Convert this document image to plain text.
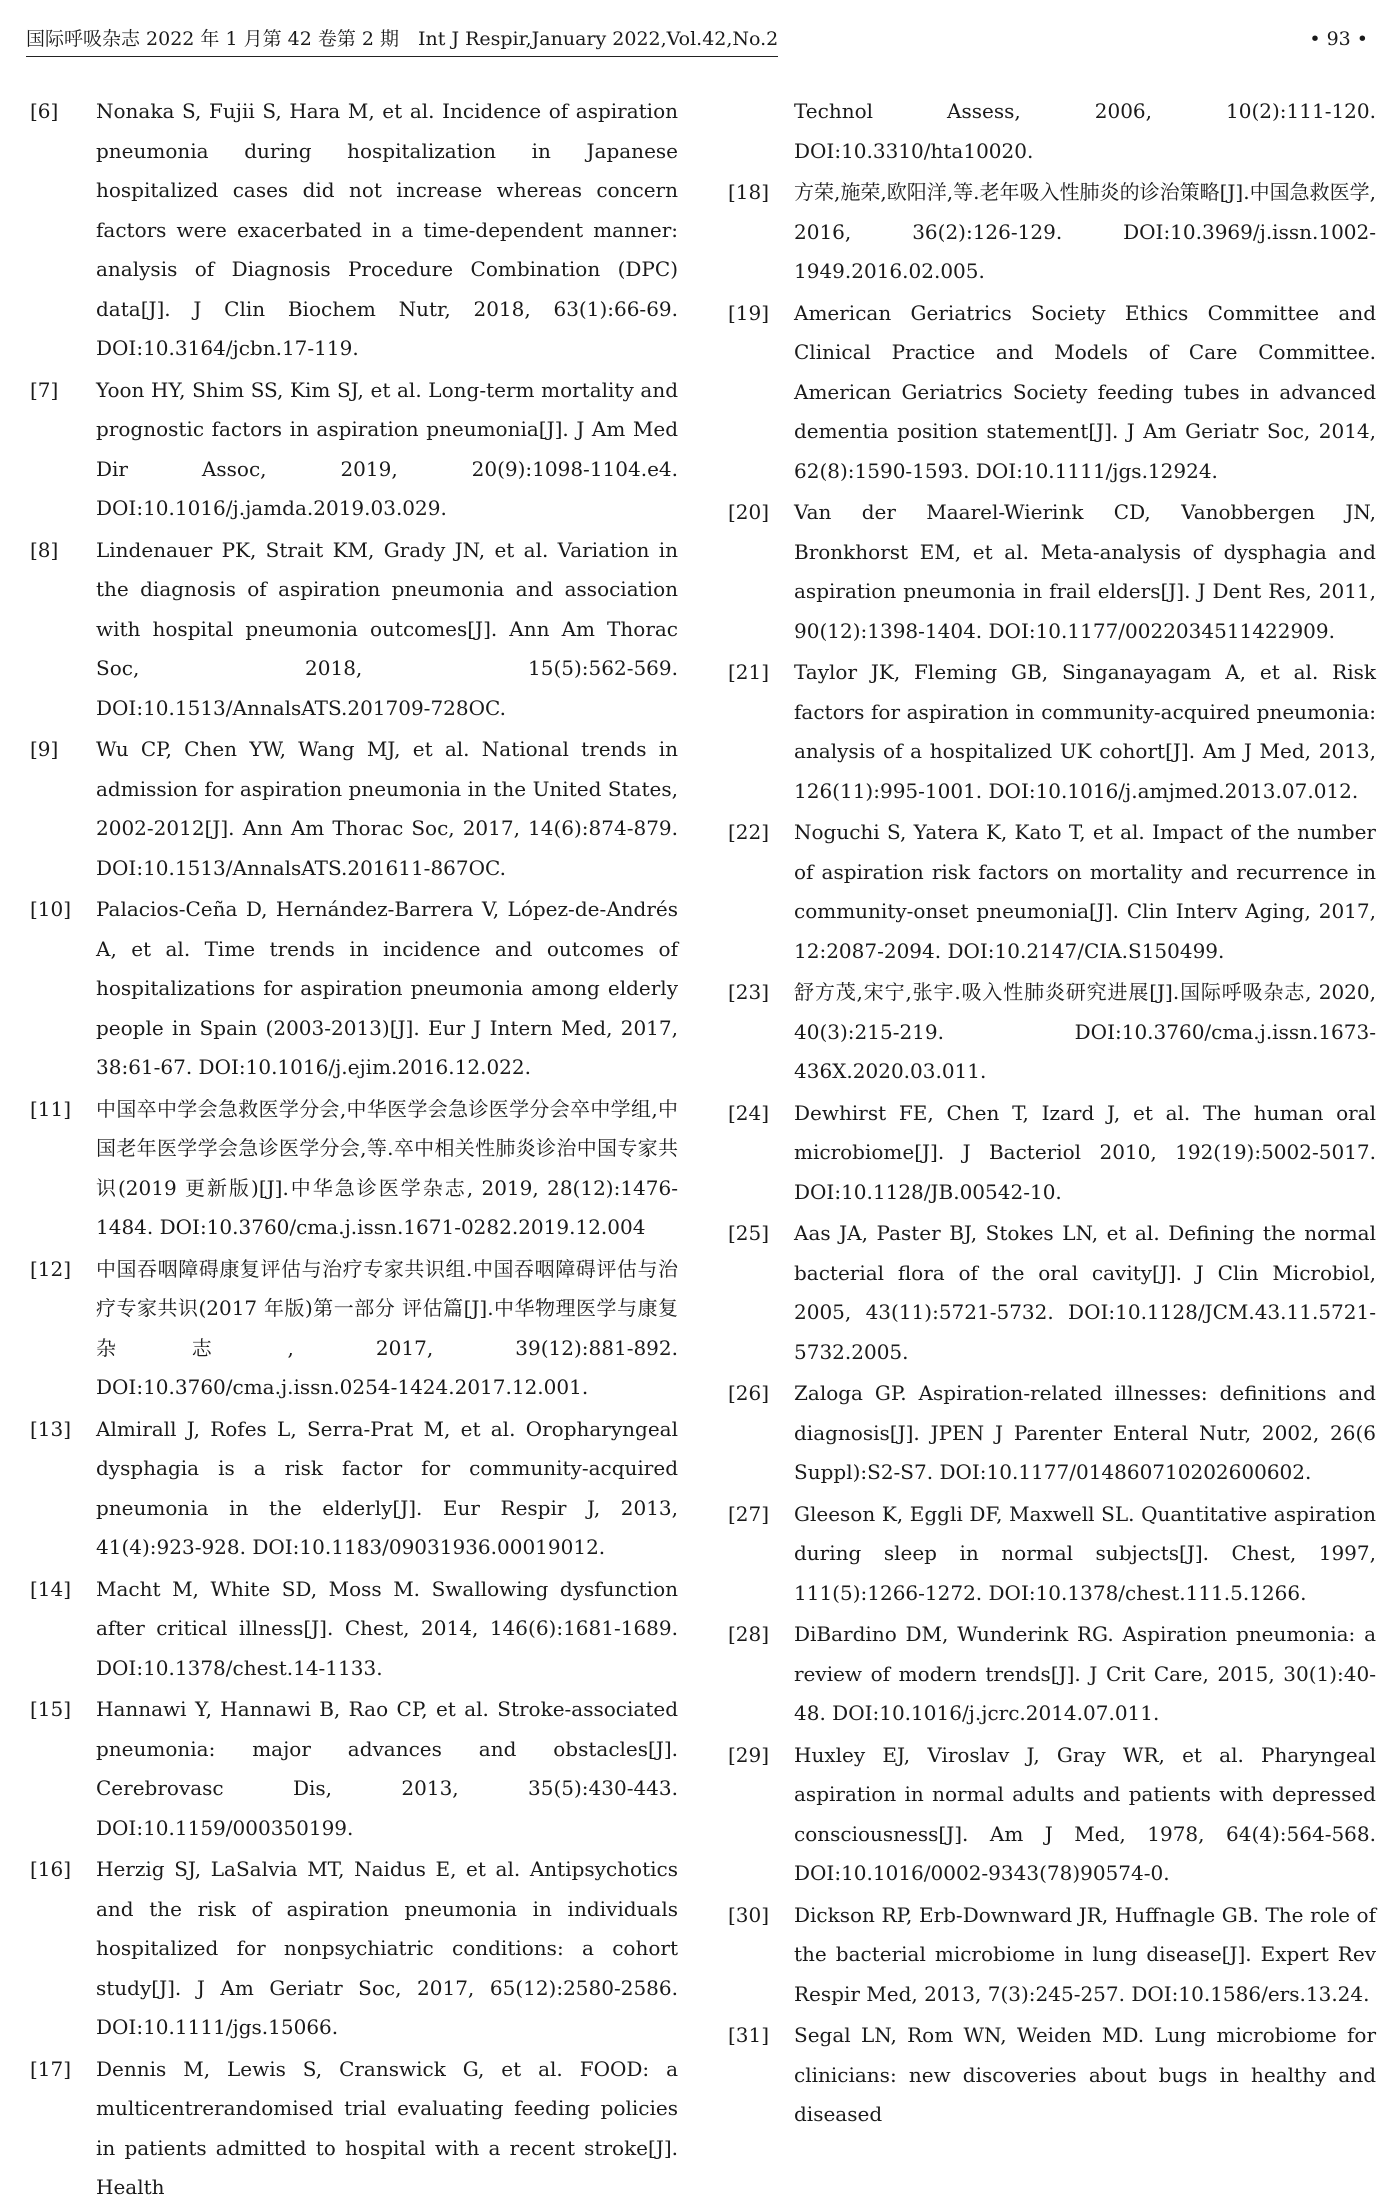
国际呼吸杂志 2022 年 1 月第 42 卷第 2 期　Int J Respir,January 2022,Vol.42,No.2	• 93 •
[6]	Nonaka S, Fujii S, Hara M, et al. Incidence of aspiration pneumonia during hospitalization in Japanese hospitalized cases did not increase whereas concern factors were exacerbated in a time-dependent manner: analysis of Diagnosis Procedure Combination (DPC) data[J]. J Clin Biochem Nutr, 2018, 63(1):66-69. DOI:10.3164/jcbn.17-119.
[7]	Yoon HY, Shim SS, Kim SJ, et al. Long-term mortality and prognostic factors in aspiration pneumonia[J]. J Am Med Dir Assoc, 2019, 20(9):1098-1104.e4. DOI:10.1016/j.jamda.2019.03.029.
[8]	Lindenauer PK, Strait KM, Grady JN, et al. Variation in the diagnosis of aspiration pneumonia and association with hospital pneumonia outcomes[J]. Ann Am Thorac Soc, 2018, 15(5):562-569. DOI:10.1513/AnnalsATS.201709-728OC.
[9]	Wu CP, Chen YW, Wang MJ, et al. National trends in admission for aspiration pneumonia in the United States, 2002-2012[J]. Ann Am Thorac Soc, 2017, 14(6):874-879. DOI:10.1513/AnnalsATS.201611-867OC.
[10]	Palacios-Ceña D, Hernández-Barrera V, López-de-Andrés A, et al. Time trends in incidence and outcomes of hospitalizations for aspiration pneumonia among elderly people in Spain (2003-2013)[J]. Eur J Intern Med, 2017, 38:61-67. DOI:10.1016/j.ejim.2016.12.022.
[11]	中国卒中学会急救医学分会,中华医学会急诊医学分会卒中学组,中国老年医学学会急诊医学分会,等.卒中相关性肺炎诊治中国专家共识(2019 更新版)[J].中华急诊医学杂志, 2019, 28(12):1476-1484. DOI:10.3760/cma.j.issn.1671-0282.2019.12.004
[12]	中国吞咽障碍康复评估与治疗专家共识组.中国吞咽障碍评估与治疗专家共识(2017 年版)第一部分 评估篇[J].中华物理医学与康复杂志, 2017, 39(12):881-892. DOI:10.3760/cma.j.issn.0254-1424.2017.12.001.
[13]	Almirall J, Rofes L, Serra-Prat M, et al. Oropharyngeal dysphagia is a risk factor for community-acquired pneumonia in the elderly[J]. Eur Respir J, 2013, 41(4):923-928. DOI:10.1183/09031936.00019012.
[14]	Macht M, White SD, Moss M. Swallowing dysfunction after critical illness[J]. Chest, 2014, 146(6):1681-1689. DOI:10.1378/chest.14-1133.
[15]	Hannawi Y, Hannawi B, Rao CP, et al. Stroke-associated pneumonia: major advances and obstacles[J]. Cerebrovasc Dis, 2013, 35(5):430-443. DOI:10.1159/000350199.
[16]	Herzig SJ, LaSalvia MT, Naidus E, et al. Antipsychotics and the risk of aspiration pneumonia in individuals hospitalized for nonpsychiatric conditions: a cohort study[J]. J Am Geriatr Soc, 2017, 65(12):2580-2586. DOI:10.1111/jgs.15066.
[17]	Dennis M, Lewis S, Cranswick G, et al. FOOD: a multicentrerandomised trial evaluating feeding policies in patients admitted to hospital with a recent stroke[J]. Health
Technol Assess, 2006, 10(2):111-120. DOI:10.3310/hta10020.
[18]	方荣,施荣,欧阳洋,等.老年吸入性肺炎的诊治策略[J].中国急救医学, 2016, 36(2):126-129. DOI:10.3969/j.issn.1002-1949.2016.02.005.
[19]	American Geriatrics Society Ethics Committee and Clinical Practice and Models of Care Committee. American Geriatrics Society feeding tubes in advanced dementia position statement[J]. J Am Geriatr Soc, 2014, 62(8):1590-1593. DOI:10.1111/jgs.12924.
[20]	Van der Maarel-Wierink CD, Vanobbergen JN, Bronkhorst EM, et al. Meta-analysis of dysphagia and aspiration pneumonia in frail elders[J]. J Dent Res, 2011, 90(12):1398-1404. DOI:10.1177/0022034511422909.
[21]	Taylor JK, Fleming GB, Singanayagam A, et al. Risk factors for aspiration in community-acquired pneumonia: analysis of a hospitalized UK cohort[J]. Am J Med, 2013, 126(11):995-1001. DOI:10.1016/j.amjmed.2013.07.012.
[22]	Noguchi S, Yatera K, Kato T, et al. Impact of the number of aspiration risk factors on mortality and recurrence in community-onset pneumonia[J]. Clin Interv Aging, 2017, 12:2087-2094. DOI:10.2147/CIA.S150499.
[23]	舒方茂,宋宁,张宇.吸入性肺炎研究进展[J].国际呼吸杂志, 2020, 40(3):215-219. DOI:10.3760/cma.j.issn.1673-436X.2020.03.011.
[24]	Dewhirst FE, Chen T, Izard J, et al. The human oral microbiome[J]. J Bacteriol 2010, 192(19):5002-5017. DOI:10.1128/JB.00542-10.
[25]	Aas JA, Paster BJ, Stokes LN, et al. Defining the normal bacterial flora of the oral cavity[J]. J Clin Microbiol, 2005, 43(11):5721-5732. DOI:10.1128/JCM.43.11.5721-5732.2005.
[26]	Zaloga GP. Aspiration-related illnesses: definitions and diagnosis[J]. JPEN J Parenter Enteral Nutr, 2002, 26(6 Suppl):S2-S7. DOI:10.1177/014860710202600602.
[27]	Gleeson K, Eggli DF, Maxwell SL. Quantitative aspiration during sleep in normal subjects[J]. Chest, 1997, 111(5):1266-1272. DOI:10.1378/chest.111.5.1266.
[28]	DiBardino DM, Wunderink RG. Aspiration pneumonia: a review of modern trends[J]. J Crit Care, 2015, 30(1):40-48. DOI:10.1016/j.jcrc.2014.07.011.
[29]	Huxley EJ, Viroslav J, Gray WR, et al. Pharyngeal aspiration in normal adults and patients with depressed consciousness[J]. Am J Med, 1978, 64(4):564-568. DOI:10.1016/0002-9343(78)90574-0.
[30]	Dickson RP, Erb-Downward JR, Huffnagle GB. The role of the bacterial microbiome in lung disease[J]. Expert Rev Respir Med, 2013, 7(3):245-257. DOI:10.1586/ers.13.24.
[31]	Segal LN, Rom WN, Weiden MD. Lung microbiome for clinicians: new discoveries about bugs in healthy and diseased
